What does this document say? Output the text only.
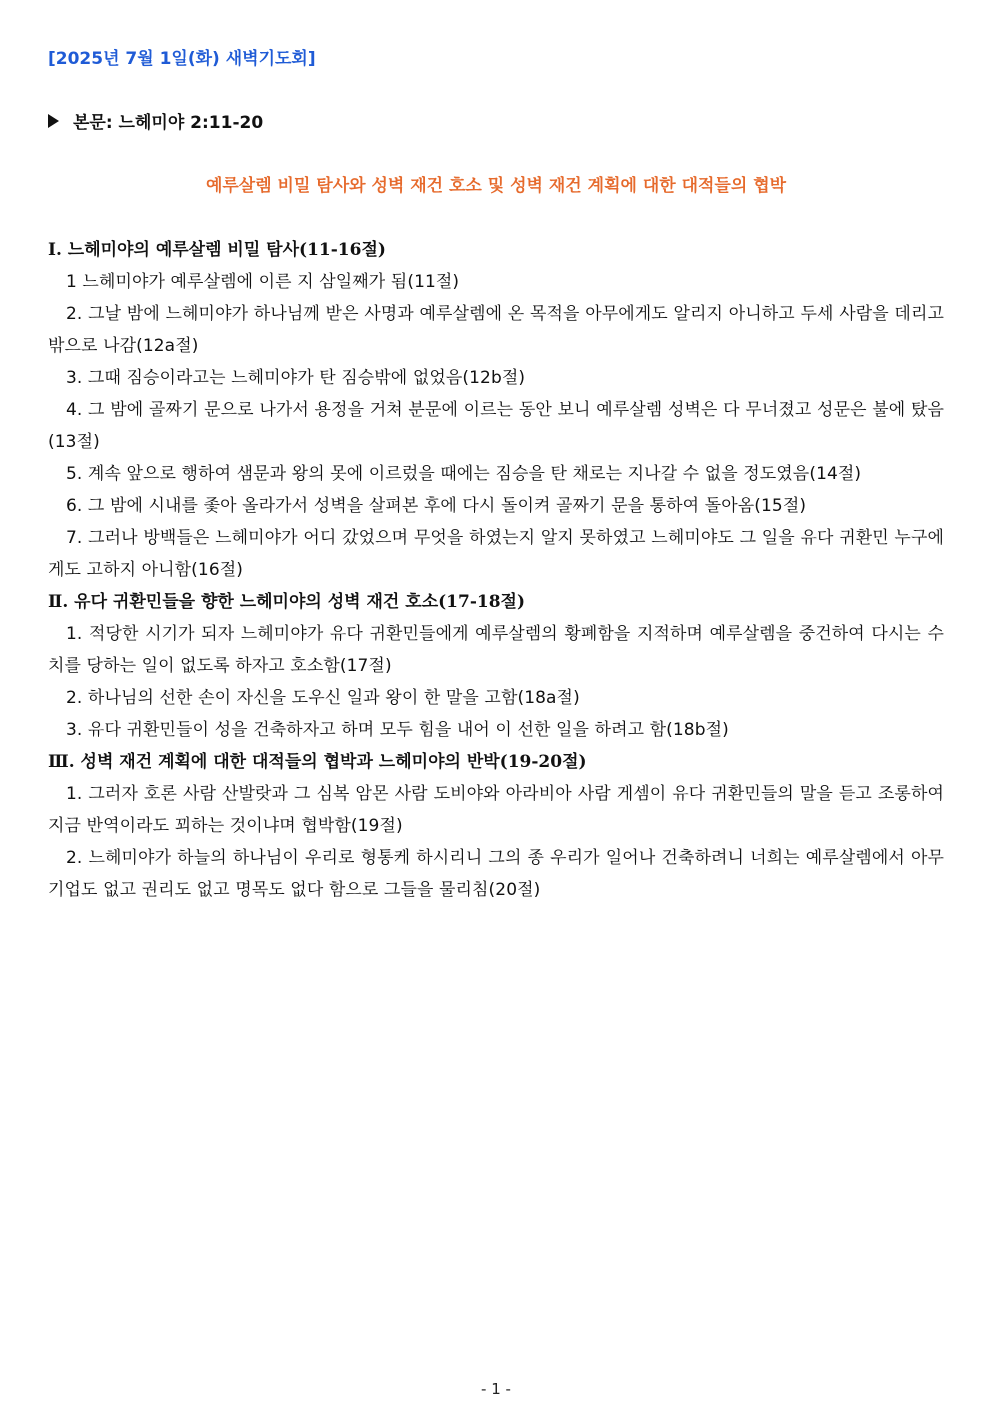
[2025년 7월 1일(화) 새벽기도회]
본문: 느헤미야 2:11-20
예루살렘 비밀 탐사와 성벽 재건 호소 및 성벽 재건 계획에 대한 대적들의 협박

Ⅰ. 느헤미야의 예루살렘 비밀 탐사(11-16절)

1 느헤미야가 예루살렘에 이른 지 삼일째가 됨(11절)

2. 그날 밤에 느헤미야가 하나님께 받은 사명과 예루살렘에 온 목적을 아무에게도 알리지 아니하고 두세 사람을 데리고 밖으로 나감(12a절)

3. 그때 짐승이라고는 느헤미야가 탄 짐승밖에 없었음(12b절)

4. 그 밤에 골짜기 문으로 나가서 용정을 거쳐 분문에 이르는 동안 보니 예루살렘 성벽은 다 무너졌고 성문은 불에 탔음(13절)

5. 계속 앞으로 행하여 샘문과 왕의 못에 이르렀을 때에는 짐승을 탄 채로는 지나갈 수 없을 정도였음(14절)

6. 그 밤에 시내를 좇아 올라가서 성벽을 살펴본 후에 다시 돌이켜 골짜기 문을 통하여 돌아옴(15절)

7. 그러나 방백들은 느헤미야가 어디 갔었으며 무엇을 하였는지 알지 못하였고 느헤미야도 그 일을 유다 귀환민 누구에게도 고하지 아니함(16절)

Ⅱ. 유다 귀환민들을 향한 느헤미야의 성벽 재건 호소(17-18절)

1. 적당한 시기가 되자 느헤미야가 유다 귀환민들에게 예루살렘의 황폐함을 지적하며 예루살렘을 중건하여 다시는 수치를 당하는 일이 없도록 하자고 호소함(17절)

2. 하나님의 선한 손이 자신을 도우신 일과 왕이 한 말을 고함(18a절)

3. 유다 귀환민들이 성을 건축하자고 하며 모두 힘을 내어 이 선한 일을 하려고 함(18b절)

Ⅲ. 성벽 재건 계획에 대한 대적들의 협박과 느헤미야의 반박(19-20절)

1. 그러자 호론 사람 산발랏과 그 심복 암몬 사람 도비야와 아라비아 사람 게셈이 유다 귀환민들의 말을 듣고 조롱하여 지금 반역이라도 꾀하는 것이냐며 협박함(19절)

2. 느헤미야가 하늘의 하나님이 우리로 형통케 하시리니 그의 종 우리가 일어나 건축하려니 너희는 예루살렘에서 아무 기업도 없고 권리도 없고 명목도 없다 함으로 그들을 물리침(20절)

- 1 -
